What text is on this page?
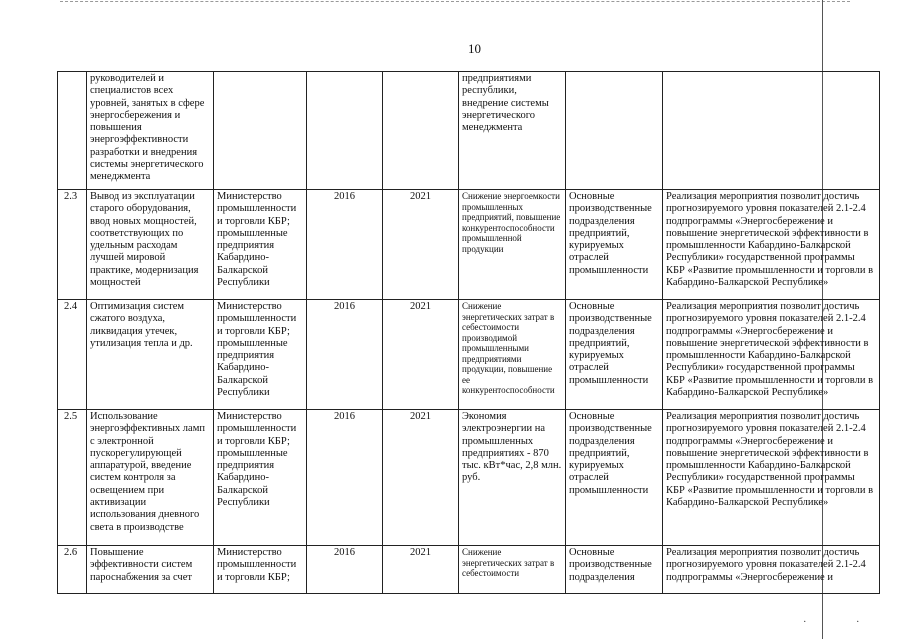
10
	руководителей и специалистов всех уровней, занятых в сфере энергосбережения и повышения энергоэффективности разработки и внедрения системы энергетического менеджмента				предприятиями республики, внедрение системы энергетического менеджмента		
2.3	Вывод из эксплуатации старого оборудования, ввод новых мощностей, соответствующих по удельным расходам лучшей мировой практике, модернизация мощностей	Министерство промышленности и торговли КБР; промышленные предприятия Кабардино-Балкарской Республики	2016	2021	Снижение энергоемкости промышленных предприятий, повышение конкурентоспособности промышленной продукции	Основные производственные подразделения предприятий, курируемых отраслей промышленности	Реализация мероприятия позволит достичь прогнозируемого уровня показателей 2.1-2.4 подпрограммы «Энергосбережение и повышение энергетической эффективности в промышленности Кабардино-Балкарской Республики» государственной программы КБР «Развитие промышленности и торговли в Кабардино-Балкарской Республике»
2.4	Оптимизация систем сжатого воздуха, ликвидация утечек, утилизация тепла и др.	Министерство промышленности и торговли КБР; промышленные предприятия Кабардино-Балкарской Республики	2016	2021	Снижение энергетических затрат в себестоимости производимой промышленными предприятиями продукции, повышение ее конкурентоспособности	Основные производственные подразделения предприятий, курируемых отраслей промышленности	Реализация мероприятия позволит достичь прогнозируемого уровня показателей 2.1-2.4 подпрограммы «Энергосбережение и повышение энергетической эффективности в промышленности Кабардино-Балкарской Республики» государственной программы КБР «Развитие промышленности и торговли в Кабардино-Балкарской Республике»
2.5	Использование энергоэффективных ламп с электронной пускорегулирующей аппаратурой, введение систем контроля за освещением при активизации использования дневного света в производстве	Министерство промышленности и торговли КБР; промышленные предприятия Кабардино-Балкарской Республики	2016	2021	Экономия электроэнергии на промышленных предприятиях - 870 тыс. кВт*час, 2,8 млн. руб.	Основные производственные подразделения предприятий, курируемых отраслей промышленности	Реализация мероприятия позволит достичь прогнозируемого уровня показателей 2.1-2.4 подпрограммы «Энергосбережение и повышение энергетической эффективности в промышленности Кабардино-Балкарской Республики» государственной программы КБР «Развитие промышленности и торговли в Кабардино-Балкарской Республике»
2.6	Повышение эффективности систем пароснабжения за счет	Министерство промышленности и торговли КБР;	2016	2021	Снижение энергетических затрат в себестоимости	Основные производственные подразделения	Реализация мероприятия позволит достичь прогнозируемого уровня показателей 2.1-2.4 подпрограммы «Энергосбережение и
. .
